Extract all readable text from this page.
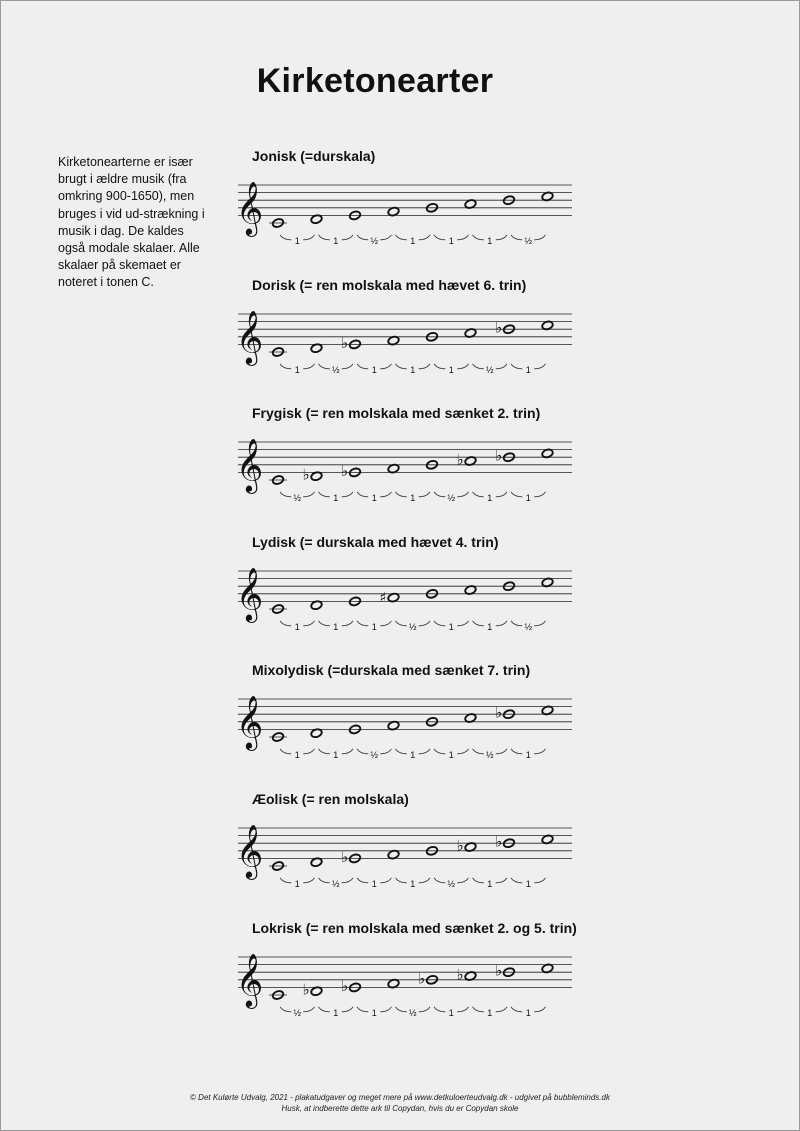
Kirketonearter

Kirketonearterne er især brugt i ældre musik (fra omkring 900-1650), men bruges i vid ud-strækning i musik i dag. De kaldes også modale skalaer. Alle skalaer på skemaet er noteret i tonen C.

Jonisk (=durskala)
𝄞
1	1	½	1	1	1	½
Dorisk (= ren molskala med hævet 6. trin)
𝄞	♭
♭
1	½	1	1	1	½	1
Frygisk (= ren molskala med sænket 2. trin)
𝄞	♭ ♭
♭ ♭
½	1	1	1	½	1	1
Lydisk (= durskala med hævet 4. trin)
𝄞	♯
1	1	1	½	1	1	½
Mixolydisk (=durskala med sænket 7. trin)
𝄞	♭
1	1	½	1	1	½	1
Æolisk (= ren molskala)
𝄞	♭
♭ ♭
1	½	1	1	½	1	1
Lokrisk (= ren molskala med sænket 2. og 5. trin)
𝄞	♭ ♭	♭ ♭ ♭
½	1	1	½	1	1	1
© Det Kulørte Udvalg, 2021 - plakatudgaver og meget mere på www.detkuloerteudvalg.dk - udgivet på bubbleminds.dk
Husk, at indberette dette ark til Copydan, hvis du er Copydan skole
